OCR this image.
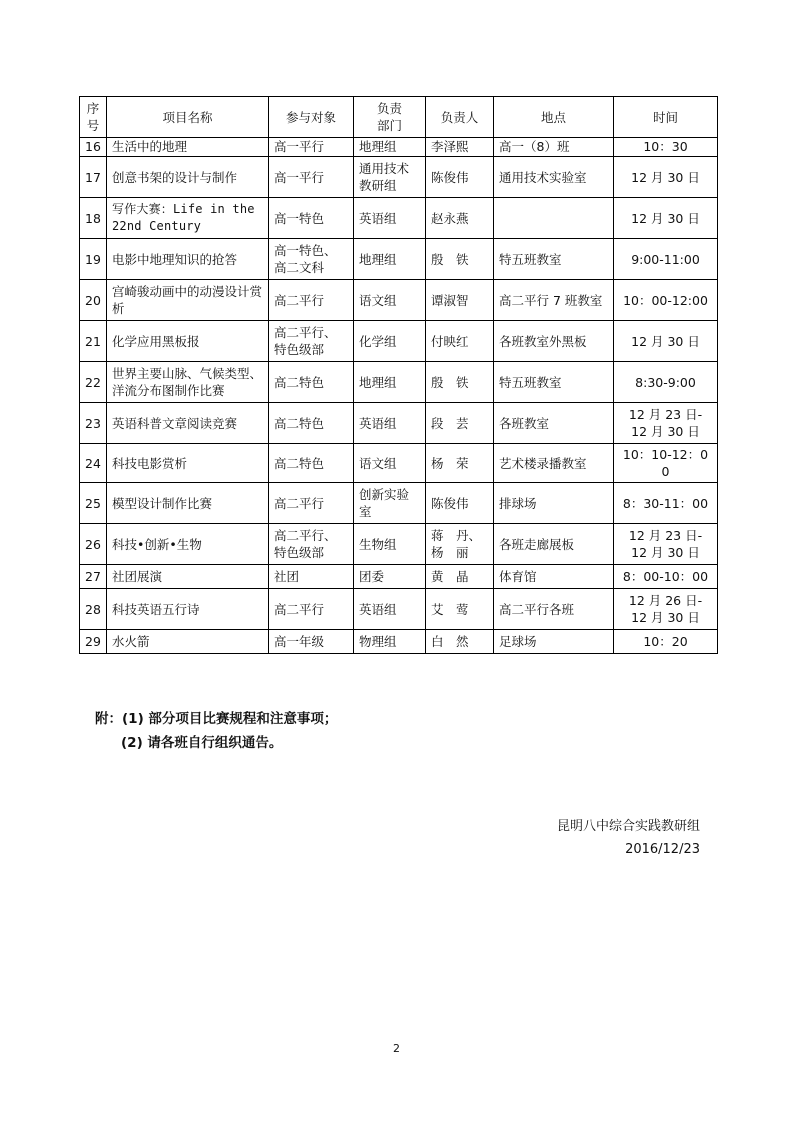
序
号	项目名称	参与对象	负责
部门	负责人	地点	时间
16	生活中的地理	高一平行	地理组	李泽熙	高一（8）班	10：30
17	创意书架的设计与制作	高一平行	通用技术
教研组	陈俊伟	通用技术实验室	12 月 30 日
18	写作大赛：Life in the 22nd Century	高一特色	英语组	赵永燕		12 月 30 日
19	电影中地理知识的抢答	高一特色、
高二文科	地理组	殷　铁	特五班教室	9:00-11:00
20	宫崎骏动画中的动漫设计赏析	高二平行	语文组	谭淑智	高二平行 7 班教室	10：00-12:00
21	化学应用黑板报	高二平行、
特色级部	化学组	付映红	各班教室外黑板	12 月 30 日
22	世界主要山脉、气候类型、洋流分布图制作比赛	高二特色	地理组	殷　铁	特五班教室	8:30-9:00
23	英语科普文章阅读竞赛	高二特色	英语组	段　芸	各班教室	12 月 23 日-
12 月 30 日
24	科技电影赏析	高二特色	语文组	杨　荣	艺术楼录播教室	10：10-12：00
25	模型设计制作比赛	高二平行	创新实验
室	陈俊伟	排球场	8：30-11：00
26	科技•创新•生物	高二平行、
特色级部	生物组	蒋　丹、
杨　丽	各班走廊展板	12 月 23 日-
12 月 30 日
27	社团展演	社团	团委	黄　晶	体育馆	8：00-10：00
28	科技英语五行诗	高二平行	英语组	艾　莺	高二平行各班	12 月 26 日-
12 月 30 日
29	水火箭	高一年级	物理组	白　然	足球场	10：20
附：(1) 部分项目比赛规程和注意事项；
(2) 请各班自行组织通告。

昆明八中综合实践教研组
2016/12/23
2
